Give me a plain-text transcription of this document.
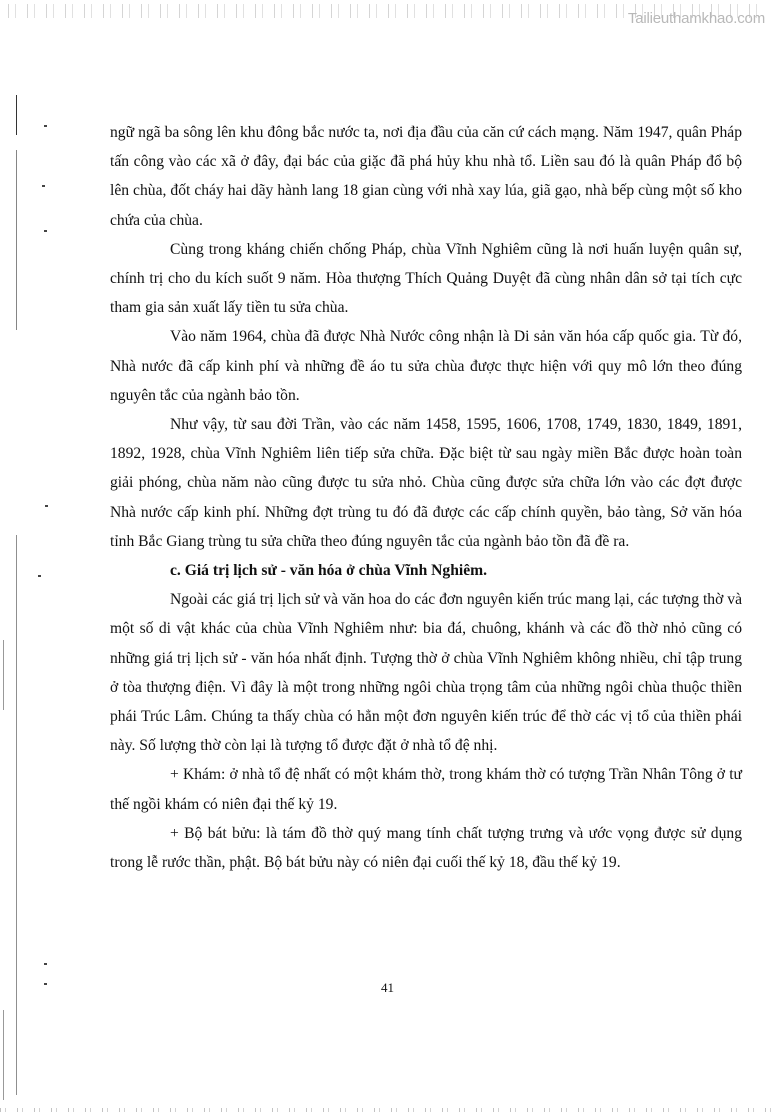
Tailieuthamkhao.com

ngữ ngã ba sông lên khu đông bắc nước ta, nơi địa đầu của căn cứ cách mạng. Năm 1947, quân Pháp tấn công vào các xã ở đây, đại bác của giặc đã phá hủy khu nhà tổ. Liền sau đó là quân Pháp đổ bộ lên chùa, đốt cháy hai dãy hành lang 18 gian cùng với nhà xay lúa, giã gạo, nhà bếp cùng một số kho chứa của chùa.

Cùng trong kháng chiến chống Pháp, chùa Vĩnh Nghiêm cũng là nơi huấn luyện quân sự, chính trị cho du kích suốt 9 năm. Hòa thượng Thích Quảng Duyệt đã cùng nhân dân sở tại tích cực tham gia sản xuất lấy tiền tu sửa chùa.

Vào năm 1964, chùa đã được Nhà Nước công nhận là Di sản văn hóa cấp quốc gia. Từ đó, Nhà nước đã cấp kinh phí và những đề áo tu sửa chùa được thực hiện với quy mô lớn theo đúng nguyên tắc của ngành bảo tồn.

Như vậy, từ sau đời Trần, vào các năm 1458, 1595, 1606, 1708, 1749, 1830, 1849, 1891, 1892, 1928, chùa Vĩnh Nghiêm liên tiếp sửa chữa. Đặc biệt từ sau ngày miền Bắc được hoàn toàn giải phóng, chùa năm nào cũng được tu sửa nhỏ. Chùa cũng được sửa chữa lớn vào các đợt được Nhà nước cấp kinh phí. Những đợt trùng tu đó đã được các cấp chính quyền, bảo tàng, Sở văn hóa tỉnh Bắc Giang trùng tu sửa chữa theo đúng nguyên tắc của ngành bảo tồn đã đề ra.

c. Giá trị lịch sử - văn hóa ở chùa Vĩnh Nghiêm.

Ngoài các giá trị lịch sử và văn hoa do các đơn nguyên kiến trúc mang lại, các tượng thờ và một số di vật khác của chùa Vĩnh Nghiêm như: bia đá, chuông, khánh và các đồ thờ nhỏ cũng có những giá trị lịch sử - văn hóa nhất định. Tượng thờ ở chùa Vĩnh Nghiêm không nhiều, chỉ tập trung ở tòa thượng điện. Vì đây là một trong những ngôi chùa trọng tâm của những ngôi chùa thuộc thiền phái Trúc Lâm. Chúng ta thấy chùa có hẳn một đơn nguyên kiến trúc để thờ các vị tổ của thiền phái này. Số lượng thờ còn lại là tượng tổ được đặt ở nhà tổ đệ nhị.

+ Khám: ở nhà tổ đệ nhất có một khám thờ, trong khám thờ có tượng Trần Nhân Tông ở tư thế ngồi khám có niên đại thế kỷ 19.

+ Bộ bát bửu: là tám đồ thờ quý mang tính chất tượng trưng và ước vọng được sử dụng trong lễ rước thần, phật. Bộ bát bửu này có niên đại cuối thế kỷ 18, đầu thế kỷ 19.

41
